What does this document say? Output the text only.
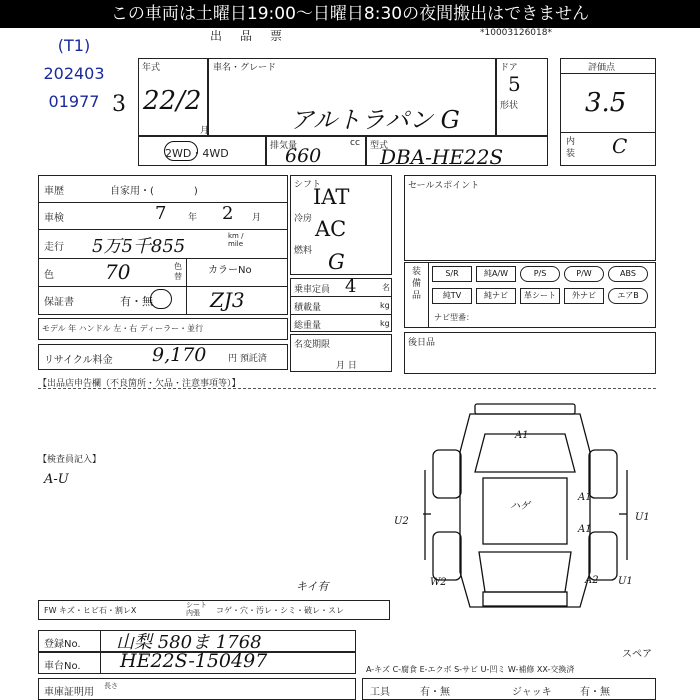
この車両は土曜日19:00～日曜日8:30の夜間搬出はできません
出品票	*10003126018*
(T1)
202403
01977
年式
22/2
月
3
車名・グレード
アルトラパン G
ドア
5
形状
評価点
3.5
内装 C
2WD・4WD
排気量
660
cc 型式
DBA-HE22S
車歴	自家用・(　　　　)
車検	7 年 2 月
走行 5万5千855	km / mile
色	70	色替
カラーNo
ZJ3
保証書	有・無
シフト
IAT
冷房 AC
燃料 G
乗車定員 4	名
積載量	kg
総重量	kg
モデル 年 ハンドル 左・右 ディーラー・並行
リサイクル料金 9,170 円 預託済
名変期限
月 日
セールスポイント
装備品
S/R	純A/W	P/S	P/W	ABS
純TV	純ナビ	革シート	外ナビ	エアB
ナビ型番：
後日品
【出品店申告欄（不良箇所・欠品・注意事項等）】
【検査員記入】
A-U
A1
A1
A1
U1
U2
A2 U1
ハゲ
W2
スペア
FW キズ・ヒビ石・割レX
シート 内張	コゲ・穴・汚レ・シミ・破レ・スレ
キイ有
登録No. 山梨 580ま 1768
車台No. HE22S-150497	A-キズ C-腐食 E-エクボ S-サビ U-凹ミ W-補修 XX-交換済
車庫証明用
長さ
工具	有・無	ジャッキ	有・無
